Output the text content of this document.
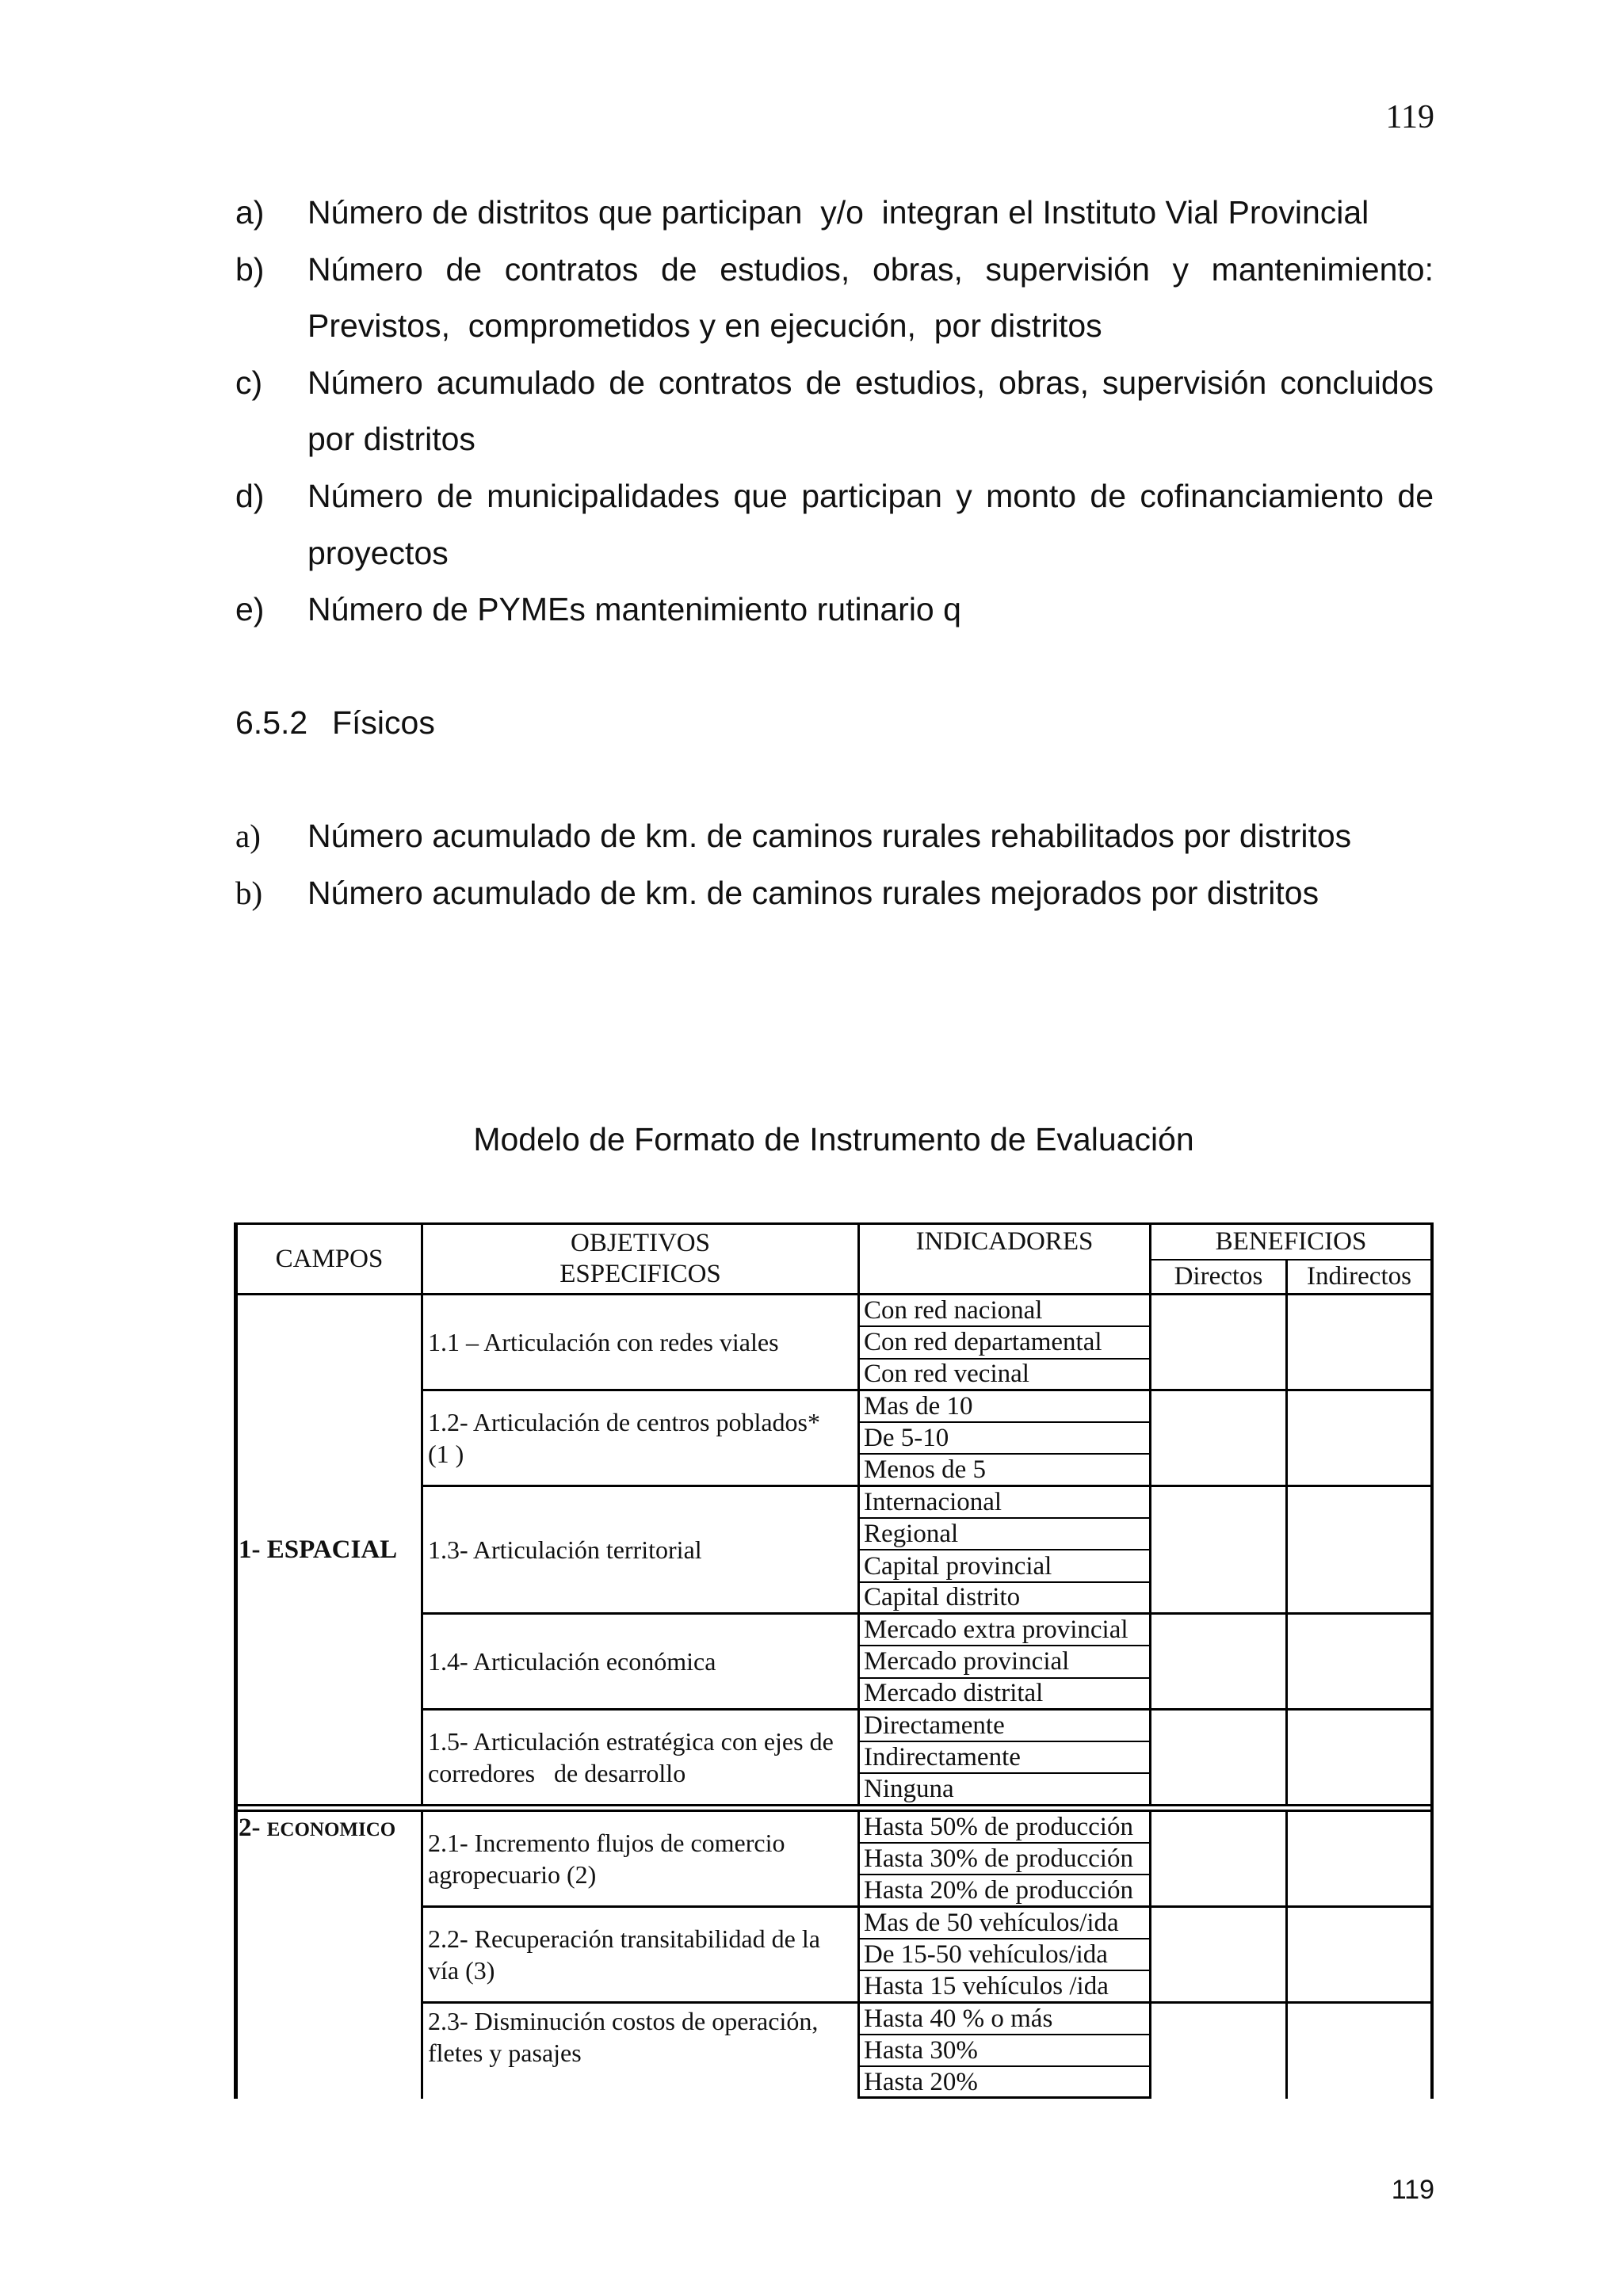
119
a) Número de distritos que participan  y/o  integran el Instituto Vial Provincial
b) Número de contratos de estudios, obras, supervisión y mantenimiento:
Previstos,  comprometidos y en ejecución,  por distritos
c) Número acumulado de contratos de estudios, obras, supervisión concluidos
por distritos
d) Número de municipalidades que participan y monto de cofinanciamiento de
proyectos
e) Número de PYMEs mantenimiento rutinario q
6.5.2 Físicos
a) Número acumulado de km. de caminos rurales rehabilitados por distritos
b) Número acumulado de km. de caminos rurales mejorados por distritos
Modelo de Formato de Instrumento de Evaluación
CAMPOS
OBJETIVOS
ESPECIFICOS
INDICADORES	BENEFICIOS
Directos Indirectos
Con red nacional
Con red departamental
Con red vecinal
1.1 – Articulación con redes viales
Mas de 10
De 5-10
Menos de 5
1.2- Articulación de centros poblados*
(1 )
Internacional
Regional
Capital provincial
Capital distrito
1.3- Articulación territorial
Mercado extra provincial
Mercado provincial
Mercado distrital
1.4- Articulación económica
Directamente
Indirectamente
Ninguna
1.5- Articulación estratégica con ejes de
corredores   de desarrollo
1- ESPACIAL
Hasta 50% de producción
Hasta 30% de producción
Hasta 20% de producción
2.1- Incremento flujos de comercio
agropecuario (2)
Mas de 50 vehículos/ida
De 15-50 vehículos/ida
Hasta 15 vehículos /ida
2.2- Recuperación transitabilidad de la
vía (3)
Hasta 40 % o más
Hasta 30%
Hasta 20%
2.3- Disminución costos de operación,
fletes y pasajes
2- ECONOMICO
119
